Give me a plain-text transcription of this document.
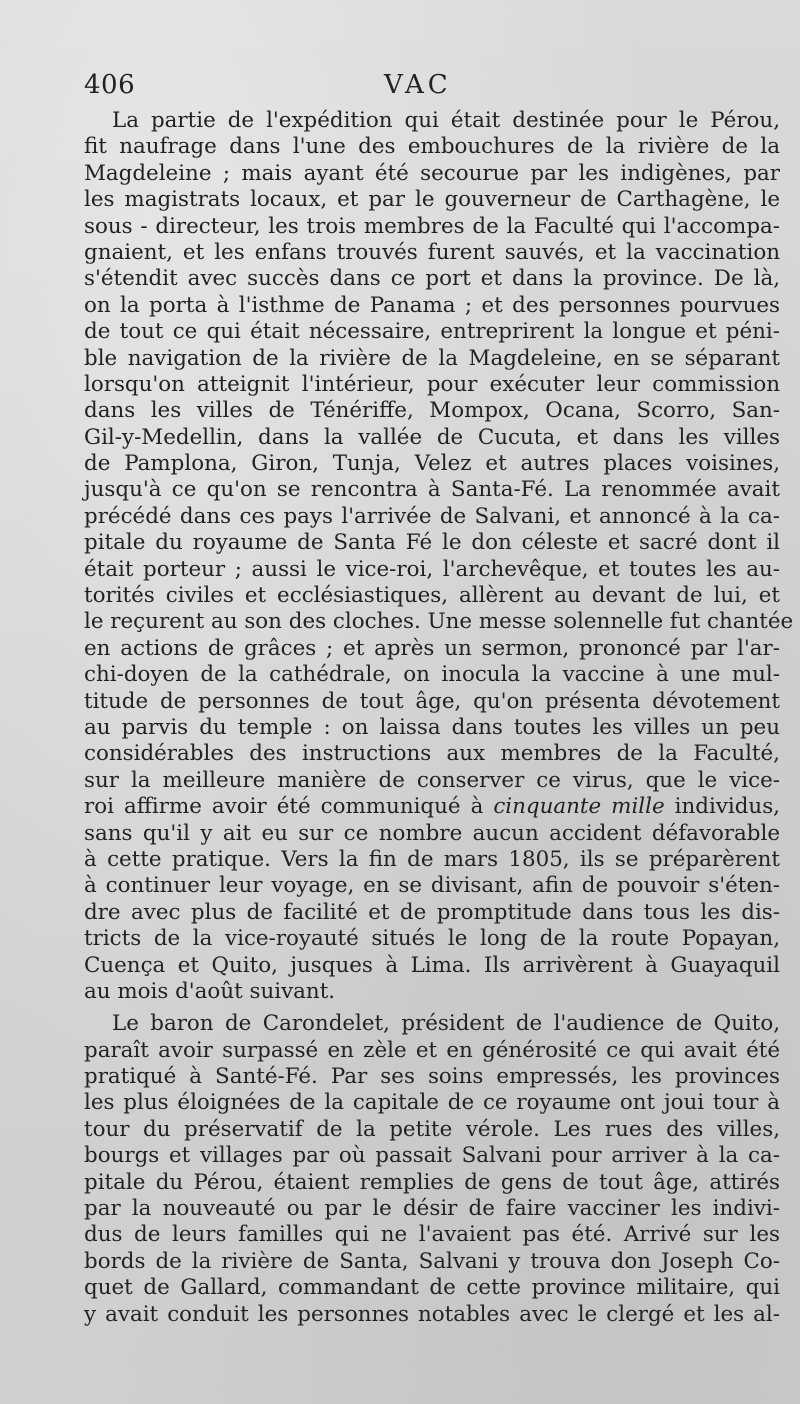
406	VAC
La partie de l'expédition qui était destinée pour le Pérou,
fit naufrage dans l'une des embouchures de la rivière de la
Magdeleine ; mais ayant été secourue par les indigènes, par
les magistrats locaux, et par le gouverneur de Carthagène, le
sous - directeur, les trois membres de la Faculté qui l'accompa-
gnaient, et les enfans trouvés furent sauvés, et la vaccination
s'étendit avec succès dans ce port et dans la province. De là,
on la porta à l'isthme de Panama ; et des personnes pourvues
de tout ce qui était nécessaire, entreprirent la longue et péni-
ble navigation de la rivière de la Magdeleine, en se séparant
lorsqu'on atteignit l'intérieur, pour exécuter leur commission
dans les villes de Ténériffe, Mompox, Ocana, Scorro, San-
Gil-y-Medellin, dans la vallée de Cucuta, et dans les villes
de Pamplona, Giron, Tunja, Velez et autres places voisines,
jusqu'à ce qu'on se rencontra à Santa-Fé. La renommée avait
précédé dans ces pays l'arrivée de Salvani, et annoncé à la ca-
pitale du royaume de Santa Fé le don céleste et sacré dont il
était porteur ; aussi le vice-roi, l'archevêque, et toutes les au-
torités civiles et ecclésiastiques, allèrent au devant de lui, et
le reçurent au son des cloches. Une messe solennelle fut chantée
en actions de grâces ; et après un sermon, prononcé par l'ar-
chi-doyen de la cathédrale, on inocula la vaccine à une mul-
titude de personnes de tout âge, qu'on présenta dévotement
au parvis du temple : on laissa dans toutes les villes un peu
considérables des instructions aux membres de la Faculté,
sur la meilleure manière de conserver ce virus, que le vice-
roi affirme avoir été communiqué à cinquante mille individus,
sans qu'il y ait eu sur ce nombre aucun accident défavorable
à cette pratique. Vers la fin de mars 1805, ils se préparèrent
à continuer leur voyage, en se divisant, afin de pouvoir s'éten-
dre avec plus de facilité et de promptitude dans tous les dis-
tricts de la vice-royauté situés le long de la route Popayan,
Cuença et Quito, jusques à Lima. Ils arrivèrent à Guayaquil
au mois d'août suivant.
Le baron de Carondelet, président de l'audience de Quito,
paraît avoir surpassé en zèle et en générosité ce qui avait été
pratiqué à Santé-Fé. Par ses soins empressés, les provinces
les plus éloignées de la capitale de ce royaume ont joui tour à
tour du préservatif de la petite vérole. Les rues des villes,
bourgs et villages par où passait Salvani pour arriver à la ca-
pitale du Pérou, étaient remplies de gens de tout âge, attirés
par la nouveauté ou par le désir de faire vacciner les indivi-
dus de leurs familles qui ne l'avaient pas été. Arrivé sur les
bords de la rivière de Santa, Salvani y trouva don Joseph Co-
quet de Gallard, commandant de cette province militaire, qui
y avait conduit les personnes notables avec le clergé et les al-
